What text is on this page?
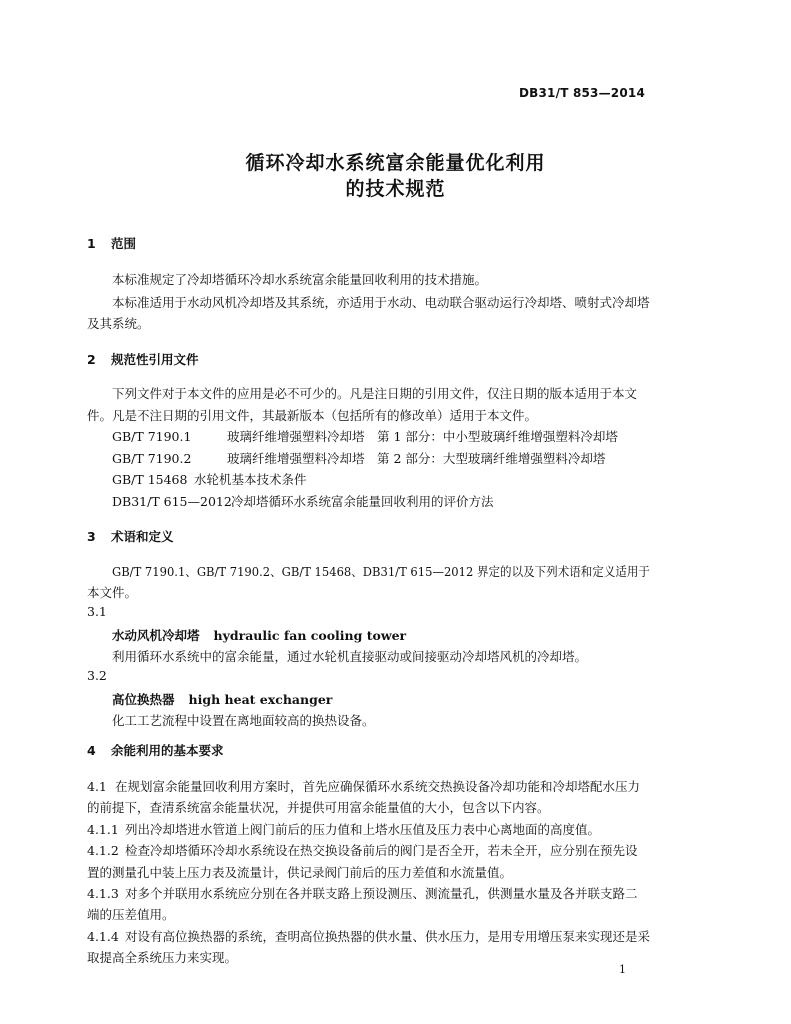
DB31/T 853—2014
循环冷却水系统富余能量优化利用
的技术规范
1 范围
本标准规定了冷却塔循环冷却水系统富余能量回收利用的技术措施。
本标准适用于水动风机冷却塔及其系统，亦适用于水动、电动联合驱动运行冷却塔、喷射式冷却塔
及其系统。
2 规范性引用文件
下列文件对于本文件的应用是必不可少的。凡是注日期的引用文件，仅注日期的版本适用于本文
件。凡是不注日期的引用文件，其最新版本（包括所有的修改单）适用于本文件。
GB/T 7190.1	玻璃纤维增强塑料冷却塔　第 1 部分：中小型玻璃纤维增强塑料冷却塔
GB/T 7190.2	玻璃纤维增强塑料冷却塔　第 2 部分：大型玻璃纤维增强塑料冷却塔
GB/T 15468 水轮机基本技术条件
DB31/T 615—2012冷却塔循环水系统富余能量回收利用的评价方法
3 术语和定义
GB/T 7190.1、GB/T 7190.2、GB/T 15468、DB31/T 615—2012 界定的以及下列术语和定义适用于
本文件。
3.1
水动风机冷却塔 hydraulic fan cooling tower
利用循环水系统中的富余能量，通过水轮机直接驱动或间接驱动冷却塔风机的冷却塔。
3.2
高位换热器 high heat exchanger
化工工艺流程中设置在离地面较高的换热设备。
4 余能利用的基本要求
4.1 在规划富余能量回收利用方案时，首先应确保循环水系统交热换设备冷却功能和冷却塔配水压力
的前提下，查清系统富余能量状况，并提供可用富余能量值的大小，包含以下内容。
4.1.1 列出冷却塔进水管道上阀门前后的压力值和上塔水压值及压力表中心离地面的高度值。
4.1.2 检查冷却塔循环冷却水系统设在热交换设备前后的阀门是否全开，若未全开，应分别在预先设
置的测量孔中装上压力表及流量计，供记录阀门前后的压力差值和水流量值。
4.1.3 对多个并联用水系统应分别在各并联支路上预设测压、测流量孔，供测量水量及各并联支路二
端的压差值用。
4.1.4 对设有高位换热器的系统，查明高位换热器的供水量、供水压力，是用专用增压泵来实现还是采
取提高全系统压力来实现。
1
